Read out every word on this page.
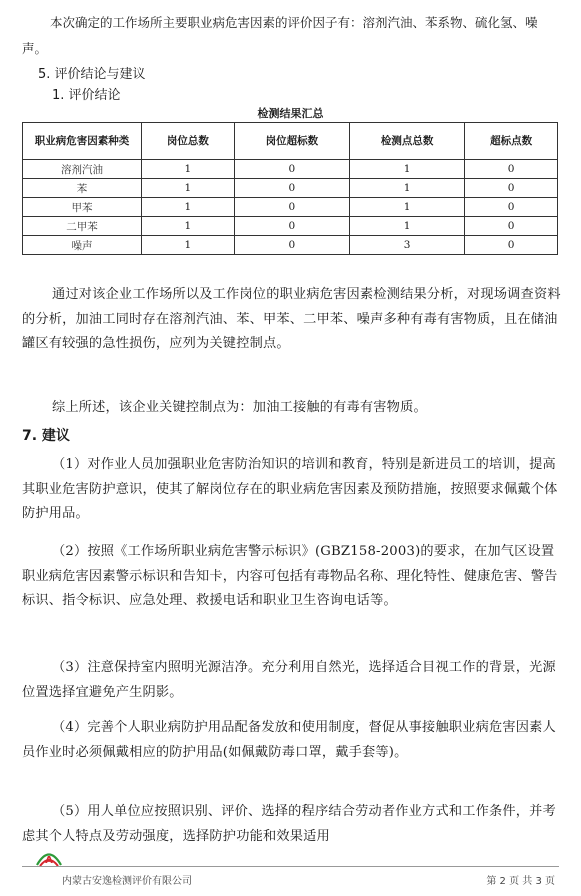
本次确定的工作场所主要职业病危害因素的评价因子有：溶剂汽油、苯系物、硫化氢、噪声。
5. 评价结论与建议
1. 评价结论
检测结果汇总
职业病危害因素种类	岗位总数	岗位超标数	检测点总数	超标点数
溶剂汽油	1	0	1	0
苯	1	0	1	0
甲苯	1	0	1	0
二甲苯	1	0	1	0
噪声	1	0	3	0
通过对该企业工作场所以及工作岗位的职业病危害因素检测结果分析，对现场调查资料的分析，加油工同时存在溶剂汽油、苯、甲苯、二甲苯、噪声多种有毒有害物质，且在储油罐区有较强的急性损伤，应列为关键控制点。
综上所述，该企业关键控制点为：加油工接触的有毒有害物质。
7. 建议
（1）对作业人员加强职业危害防治知识的培训和教育，特别是新进员工的培训，提高其职业危害防护意识，使其了解岗位存在的职业病危害因素及预防措施，按照要求佩戴个体防护用品。
（2）按照《工作场所职业病危害警示标识》(GBZ158-2003)的要求，在加气区设置职业病危害因素警示标识和告知卡，内容可包括有毒物品名称、理化特性、健康危害、警告标识、指令标识、应急处理、救援电话和职业卫生咨询电话等。
（3）注意保持室内照明光源洁净。充分利用自然光，选择适合目视工作的背景，光源位置选择宜避免产生阴影。
（4）完善个人职业病防护用品配备发放和使用制度，督促从事接触职业病危害因素人员作业时必须佩戴相应的防护用品(如佩戴防毒口罩，戴手套等)。
（5）用人单位应按照识别、评价、选择的程序结合劳动者作业方式和工作条件，并考虑其个人特点及劳动强度，选择防护功能和效果适用
A
内蒙古安逸检测评价有限公司	第 2 页 共 3 页
